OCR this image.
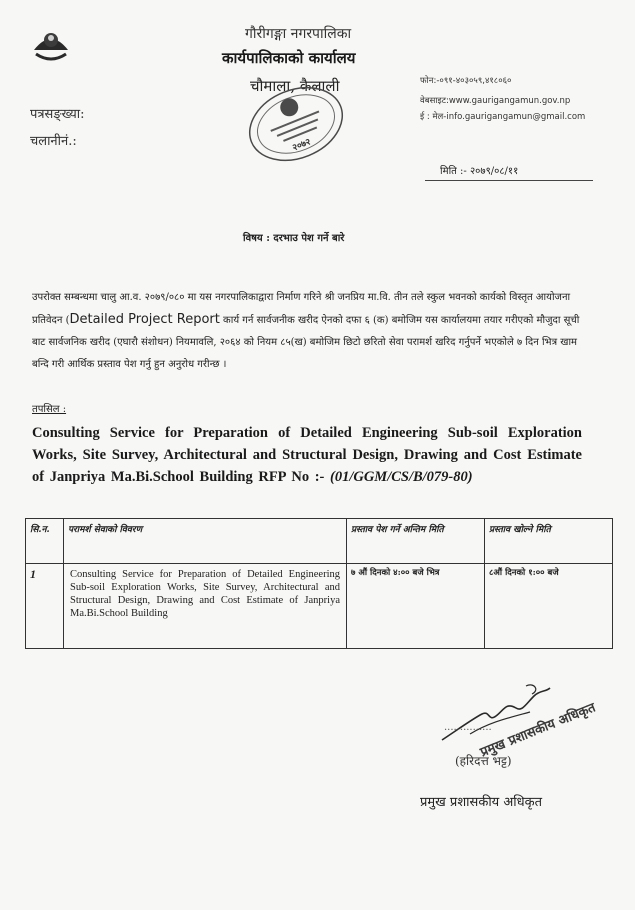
गौरीगङ्गा नगरपालिका
कार्यपालिकाको कार्यालय
चौमाला, कैलाली
२०७२
पत्रसङ्ख्या:
चलानीनं.:
फोन:-०९१-४०३०५९,४१८०६०
वेबसाइट:www.gaurigangamun.gov.np
ई : मेल-info.gaurigangamun@gmail.com
मिति :- २०७९/०८/११
विषय : दरभाउ पेश गर्ने बारे
उपरोक्त सम्बन्धमा चालु आ.व. २०७९/०८० मा यस नगरपालिकाद्वारा निर्माण गरिने श्री जनप्रिय मा.वि. तीन तले स्कुल भवनको कार्यको विस्तृत आयोजना प्रतिवेदन (Detailed Project Report कार्य गर्न सार्वजनीक खरीद ऐनको दफा ६ (क) बमोजिम यस कार्यालयमा तयार गरीएको मौजुदा सूची बाट सार्वजनिक खरीद (एघारौ संशोधन) नियमावलि, २०६४ को नियम ८५(ख) बमोजिम छिटो छरितो सेवा परामर्श खरिद गर्नुपर्ने भएकोले ७ दिन भित्र खाम बन्दि गरी आर्थिक प्रस्ताव पेश गर्नु हुन अनुरोध गरीन्छ ।
तपसिल :
Consulting Service for Preparation of Detailed Engineering Sub-soil Exploration Works, Site Survey, Architectural and Structural Design, Drawing and Cost Estimate of Janpriya Ma.Bi.School Building RFP No :- (01/GGM/CS/B/079-80)
सि.न.	परामर्श सेवाको विवरण	प्रस्ताव पेश गर्ने अन्तिम मिति	प्रस्ताव खोल्ने मिति
1	Consulting Service for Preparation of Detailed Engineering Sub-soil Exploration Works, Site Survey, Architectural and Structural Design, Drawing and Cost Estimate of Janpriya Ma.Bi.School Building	७ औं दिनको ४:०० बजे भित्र	८औं दिनको १:०० बजे
...............
(हरिदत्त भट्ट)
प्रमुख प्रशासकीय अधिकृत
प्रमुख प्रशासकीय अधिकृत
